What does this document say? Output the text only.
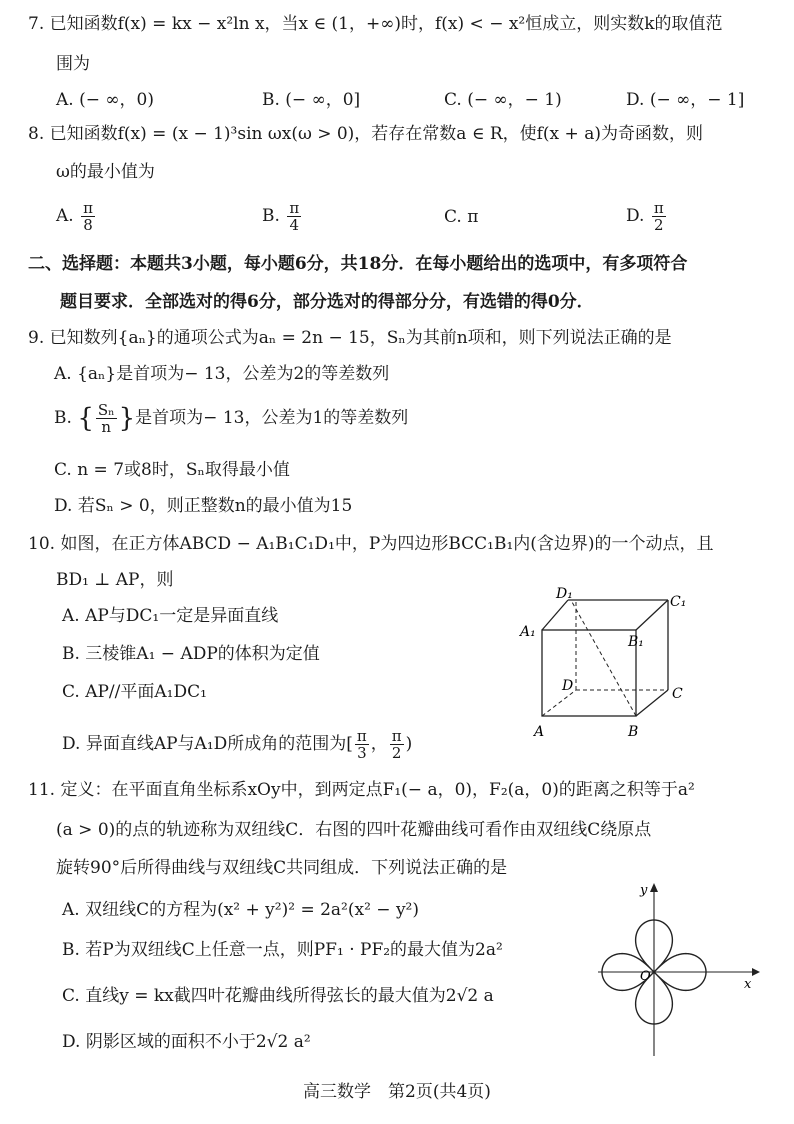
7. 已知函数f(x) = kx − x²ln x，当x ∈ (1，+∞)时，f(x) < − x²恒成立，则实数k的取值范
围为
A. (− ∞，0)	B. (− ∞，0]	C. (− ∞，− 1)	D. (− ∞，− 1]
8. 已知函数f(x) = (x − 1)³sin ωx(ω > 0)，若存在常数a ∈ R，使f(x + a)为奇函数，则
ω的最小值为
A. $\frac{\pi}{8}$	B. $\frac{\pi}{4}$	C. π	D. $\frac{\pi}{2}$
二、选择题：本题共3小题，每小题6分，共18分．在每小题给出的选项中，有多项符合
题目要求．全部选对的得6分，部分选对的得部分分，有选错的得0分．
9. 已知数列{aₙ}的通项公式为aₙ = 2n − 15，Sₙ为其前n项和，则下列说法正确的是
A. {aₙ}是首项为− 13，公差为2的等差数列
B. { $\frac{\text{Sₙ}}{n}$ }是首项为− 13，公差为1的等差数列
C. n = 7或8时，Sₙ取得最小值
D. 若Sₙ > 0，则正整数n的最小值为15
10. 如图，在正方体ABCD − A₁B₁C₁D₁中，P为四边形BCC₁B₁内(含边界)的一个动点，且
BD₁ ⊥ AP，则
A. AP与DC₁一定是异面直线
B. 三棱锥A₁ − ADP的体积为定值
C. AP//平面A₁DC₁
D. 异面直线AP与A₁D所成角的范围为[ $\frac{\pi}{3}$ ， $\frac{\pi}{2}$ )
D₁	C₁
A₁
B₁
D	C
A	B
11. 定义：在平面直角坐标系xOy中，到两定点F₁(− a，0)，F₂(a，0)的距离之积等于a²
(a > 0)的点的轨迹称为双纽线C．右图的四叶花瓣曲线可看作由双纽线C绕原点
旋转90°后所得曲线与双纽线C共同组成．下列说法正确的是
A. 双纽线C的方程为(x² + y²)² = 2a²(x² − y²)
B. 若P为双纽线C上任意一点，则PF₁ · PF₂的最大值为2a²
C. 直线y = kx截四叶花瓣曲线所得弦长的最大值为2√2 a
D. 阴影区域的面积不小于2√2 a²
y
x
O
高三数学　第2页(共4页)
